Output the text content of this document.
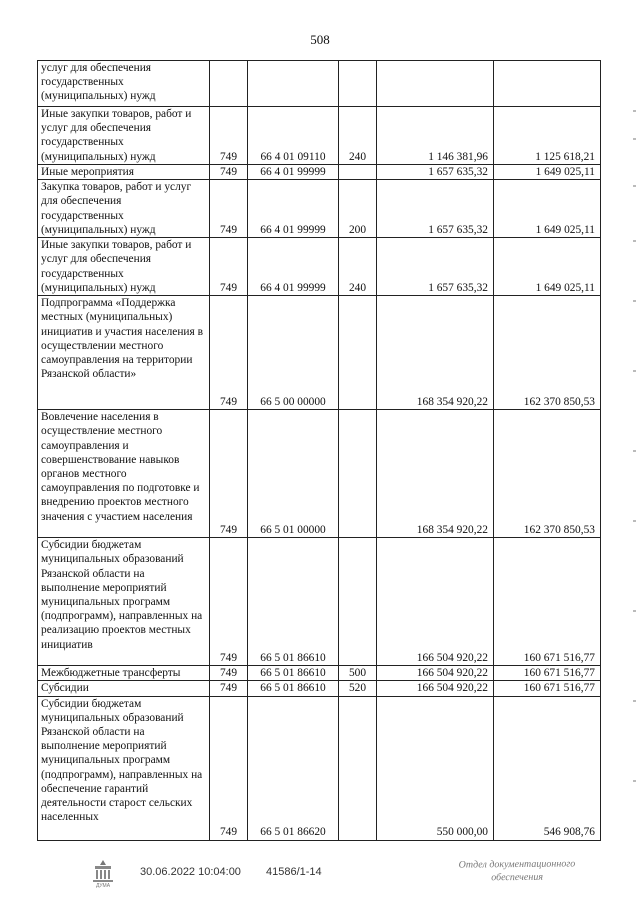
508
услуг для обеспечения государственных (муниципальных) нужд					
Иные закупки товаров, работ и услуг для обеспечения государственных (муниципальных) нужд	749	66 4 01 09110	240	1 146 381,96	1 125 618,21
Иные мероприятия	749	66 4 01 99999		1 657 635,32	1 649 025,11
Закупка товаров, работ и услуг для обеспечения государственных (муниципальных) нужд	749	66 4 01 99999	200	1 657 635,32	1 649 025,11
Иные закупки товаров, работ и услуг для обеспечения государственных (муниципальных) нужд	749	66 4 01 99999	240	1 657 635,32	1 649 025,11
Подпрограмма «Поддержка местных (муниципальных) инициатив и участия населения в осуществлении местного самоуправления на территории Рязанской области»	749	66 5 00 00000		168 354 920,22	162 370 850,53
Вовлечение населения в осуществление местного самоуправления и совершенствование навыков органов местного самоуправления по подготовке и внедрению проектов местного значения с участием населения	749	66 5 01 00000		168 354 920,22	162 370 850,53
Субсидии бюджетам муниципальных образований Рязанской области на выполнение мероприятий муниципальных программ (подпрограмм), направленных на реализацию проектов местных инициатив	749	66 5 01 86610		166 504 920,22	160 671 516,77
Межбюджетные трансферты	749	66 5 01 86610	500	166 504 920,22	160 671 516,77
Субсидии	749	66 5 01 86610	520	166 504 920,22	160 671 516,77
Субсидии бюджетам муниципальных образований Рязанской области на выполнение мероприятий муниципальных программ (подпрограмм), направленных на обеспечение гарантий деятельности старост сельских населенных	749	66 5 01 86620		550 000,00	546 908,76
ДУМА
30.06.2022 10:04:00 41586/1-14
Отдел документационного
обеспечения
